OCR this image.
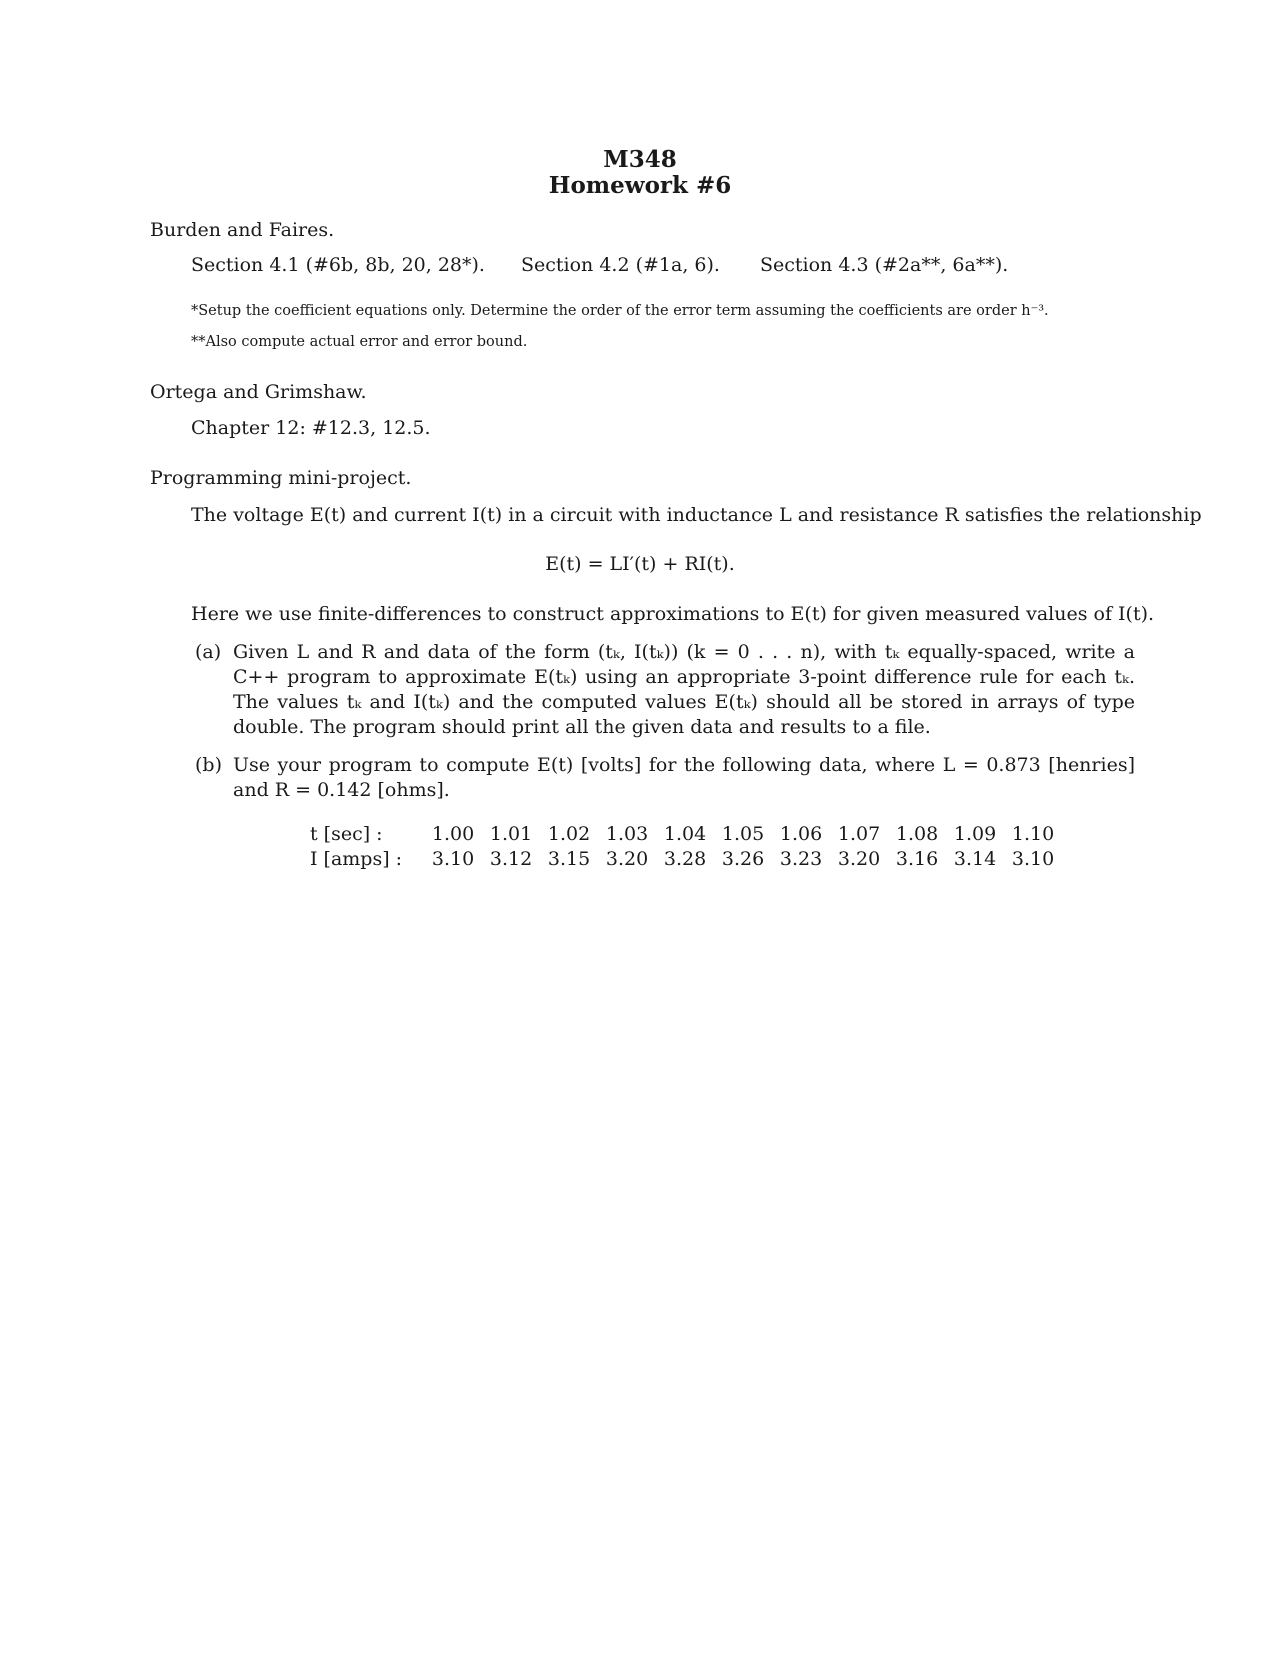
M348
Homework #6
Burden and Faires.
Section 4.1 (#6b, 8b, 20, 28*). Section 4.2 (#1a, 6). Section 4.3 (#2a**, 6a**).
*Setup the coefficient equations only. Determine the order of the error term assuming the coefficients are order h⁻³.
**Also compute actual error and error bound.
Ortega and Grimshaw.
Chapter 12: #12.3, 12.5.
Programming mini-project.
The voltage E(t) and current I(t) in a circuit with inductance L and resistance R satisfies the relationship
E(t) = LI′(t) + RI(t).
Here we use finite-differences to construct approximations to E(t) for given measured values of I(t).
(a) Given L and R and data of the form (tₖ, I(tₖ)) (k = 0 . . . n), with tₖ equally-spaced, write a C++ program to approximate E(tₖ) using an appropriate 3-point difference rule for each tₖ. The values tₖ and I(tₖ) and the computed values E(tₖ) should all be stored in arrays of type double. The program should print all the given data and results to a file.
(b) Use your program to compute E(t) [volts] for the following data, where L = 0.873 [henries] and R = 0.142 [ohms].
t [sec] :	1.00	1.01	1.02	1.03	1.04	1.05	1.06	1.07	1.08	1.09	1.10
I [amps] :	3.10	3.12	3.15	3.20	3.28	3.26	3.23	3.20	3.16	3.14	3.10
